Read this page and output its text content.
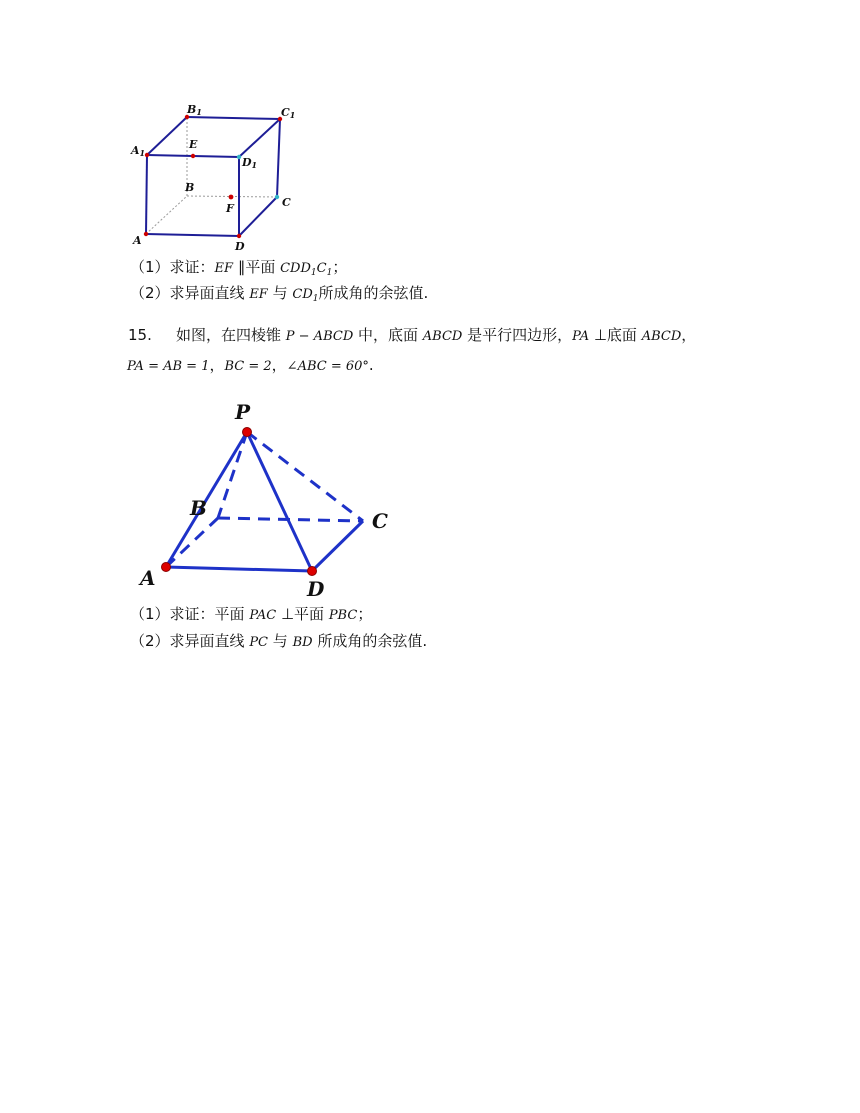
A	D
B
C
F
E
A1
B1	C1
D1
（1）求证：EF ∥平面 $CDD_1C_1$；
（2）求异面直线 EF 与 $CD_1$所成角的余弦值.
15. 如图，在四棱锥 P − ABCD 中，底面 ABCD 是平行四边形，PA ⊥底面 ABCD，
PA = AB = 1，BC = 2，∠ABC = 60°.
P
B
C
A	D
（1）求证：平面 PAC ⊥平面 PBC；
（2）求异面直线 PC 与 BD 所成角的余弦值.
